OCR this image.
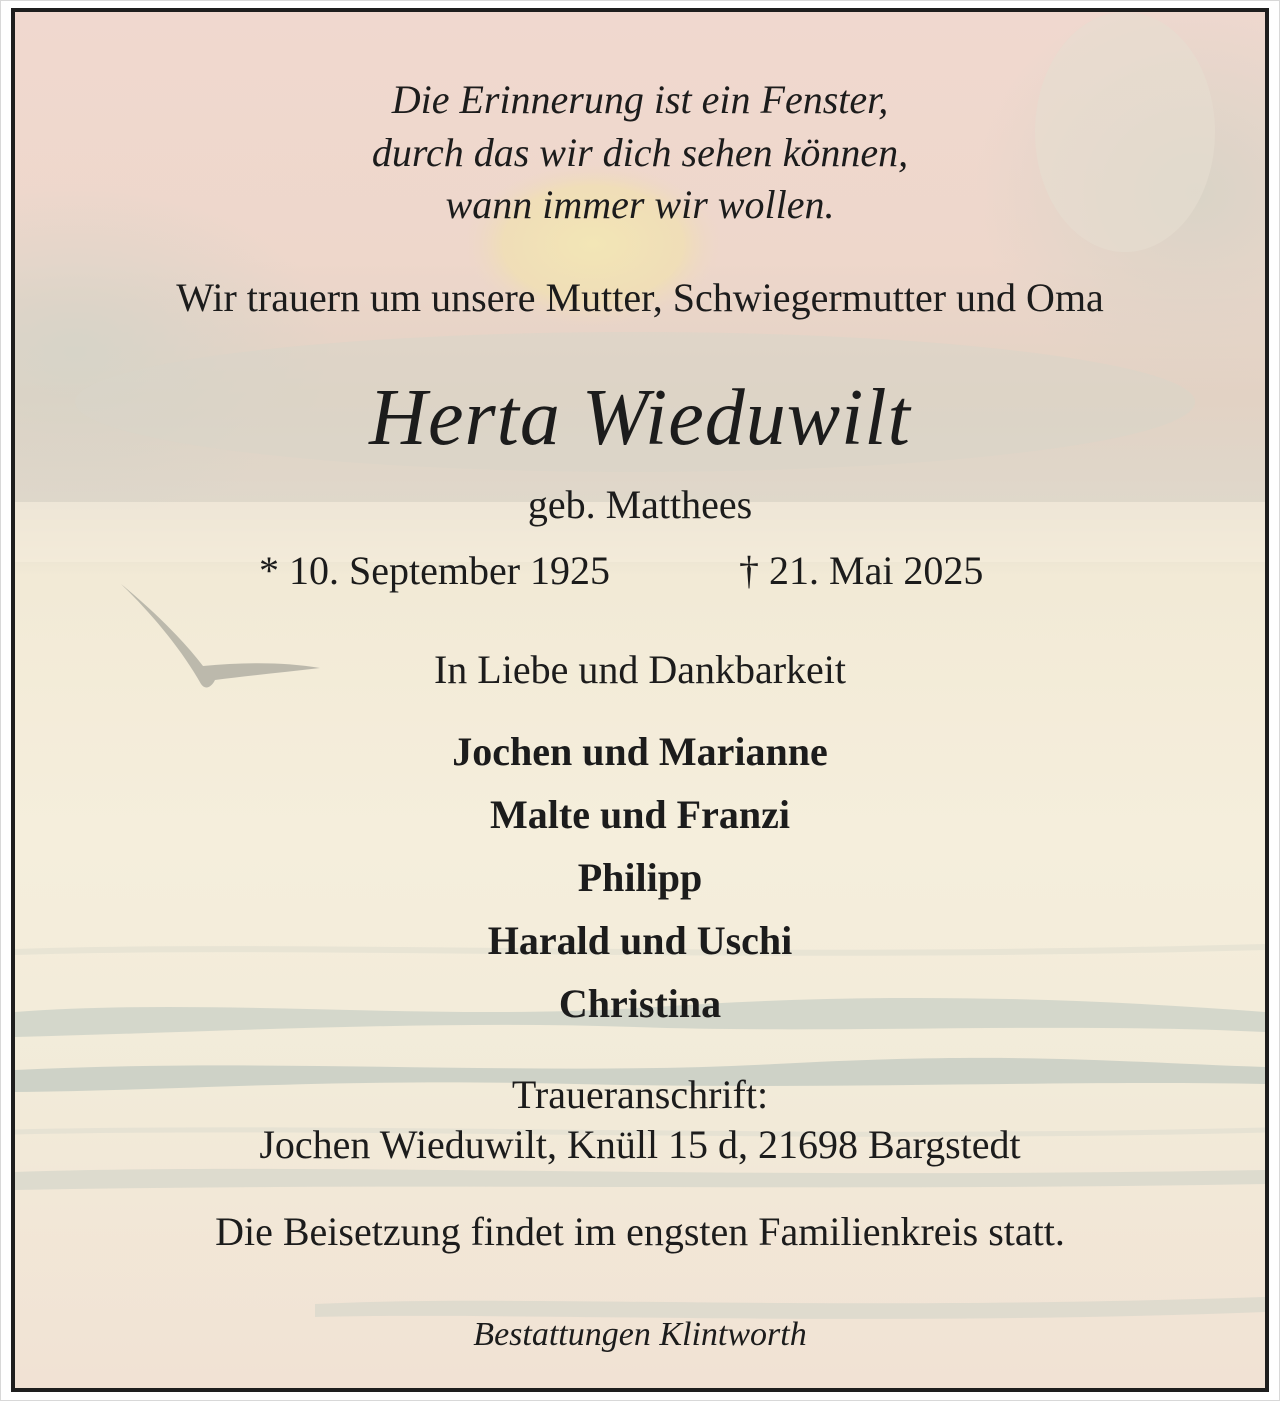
Die Erinnerung ist ein Fenster,
durch das wir dich sehen können,
wann immer wir wollen.
Wir trauern um unsere Mutter, Schwiegermutter und Oma
Herta Wieduwilt
geb. Matthees
* 10. September 1925	† 21. Mai 2025
In Liebe und Dankbarkeit
Jochen und Marianne
Malte und Franzi
Philipp
Harald und Uschi
Christina
Traueranschrift:
Jochen Wieduwilt, Knüll 15 d, 21698 Bargstedt
Die Beisetzung findet im engsten Familienkreis statt.
Bestattungen Klintworth
